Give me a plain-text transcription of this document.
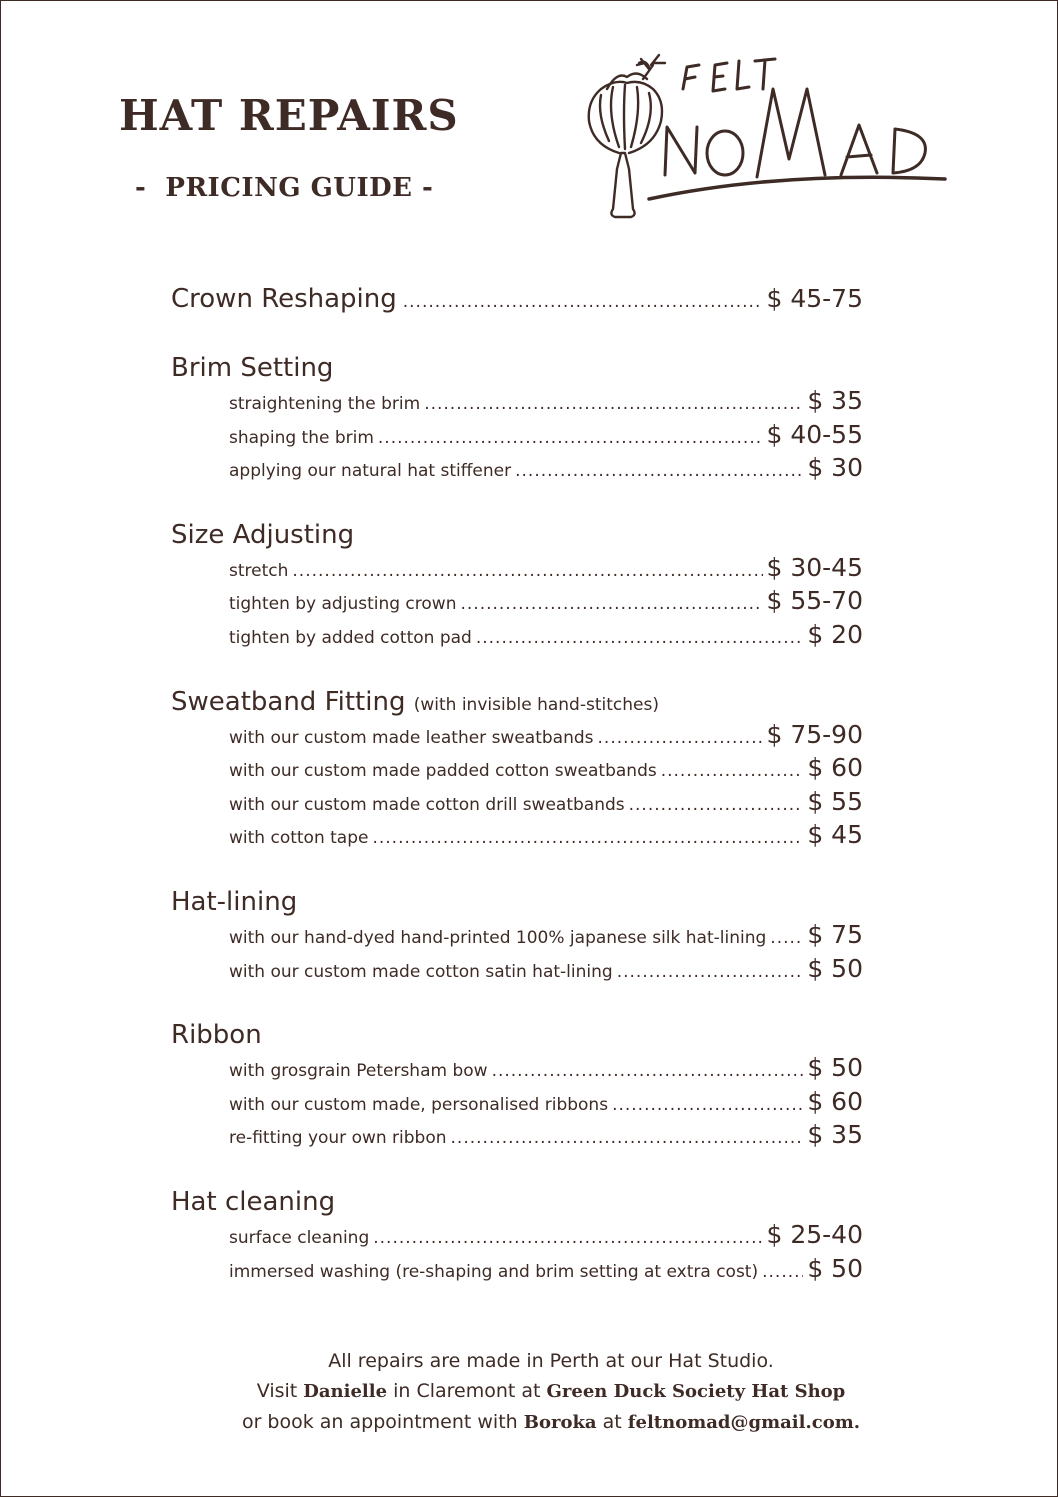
HAT REPAIRS
-  PRICING GUIDE -
Crown Reshaping .....	$ 45-75
Brim Setting
straightening the brim .....	$ 35
shaping the brim .....	$ 40-55
applying our natural hat stiffener .....	$ 30
Size Adjusting
stretch .....	$ 30-45
tighten by adjusting crown .....	$ 55-70
tighten by added cotton pad .....	$ 20
Sweatband Fitting (with invisible hand-stitches)
with our custom made leather sweatbands .....	$ 75-90
with our custom made padded cotton sweatbands .....	$ 60
with our custom made cotton drill sweatbands .....	$ 55
with cotton tape .....	$ 45
Hat-lining
with our hand-dyed hand-printed 100% japanese silk hat-lining ..... $ 75
with our custom made cotton satin hat-lining .....	$ 50
Ribbon
with grosgrain Petersham bow .....	$ 50
with our custom made, personalised ribbons .....	$ 60
re-fitting your own ribbon .....	$ 35
Hat cleaning
surface cleaning .....	$ 25-40
immersed washing (re-shaping and brim setting at extra cost) ..... $ 50
All repairs are made in Perth at our Hat Studio.
Visit Danielle in Claremont at Green Duck Society Hat Shop
or book an appointment with Boroka at feltnomad@gmail.com.
